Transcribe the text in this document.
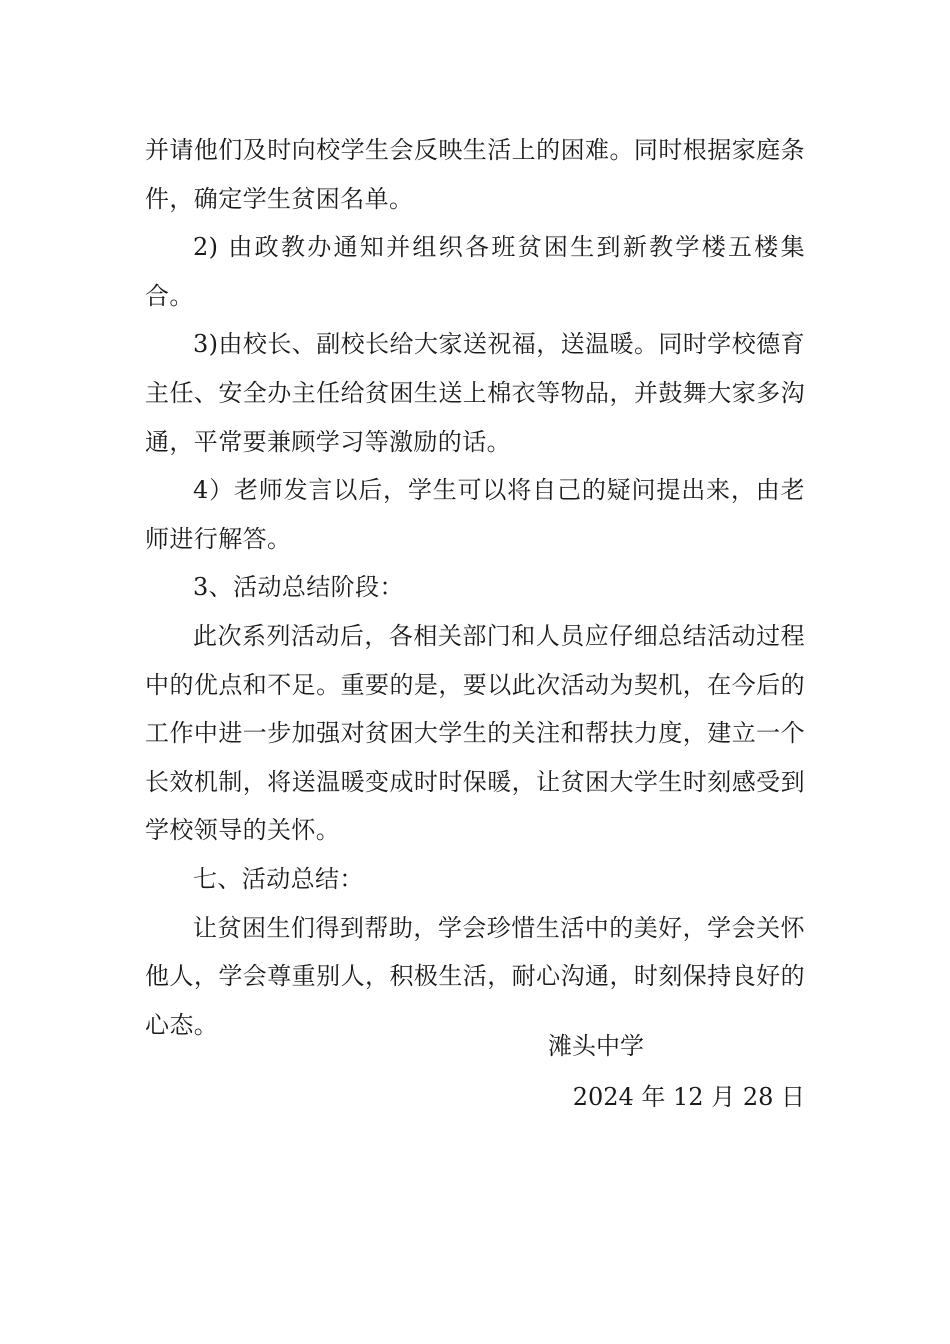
并请他们及时向校学生会反映生活上的困难。同时根据家庭条件，确定学生贫困名单。

2) 由政教办通知并组织各班贫困生到新教学楼五楼集合。

3)由校长、副校长给大家送祝福，送温暖。同时学校德育主任、安全办主任给贫困生送上棉衣等物品，并鼓舞大家多沟通，平常要兼顾学习等激励的话。

4）老师发言以后，学生可以将自己的疑问提出来，由老师进行解答。

3、活动总结阶段：

此次系列活动后，各相关部门和人员应仔细总结活动过程中的优点和不足。重要的是，要以此次活动为契机，在今后的工作中进一步加强对贫困大学生的关注和帮扶力度，建立一个长效机制，将送温暖变成时时保暖，让贫困大学生时刻感受到学校领导的关怀。

七、活动总结：

让贫困生们得到帮助，学会珍惜生活中的美好，学会关怀他人，学会尊重别人，积极生活，耐心沟通，时刻保持良好的心态。

滩头中学
2024 年 12 月 28 日
